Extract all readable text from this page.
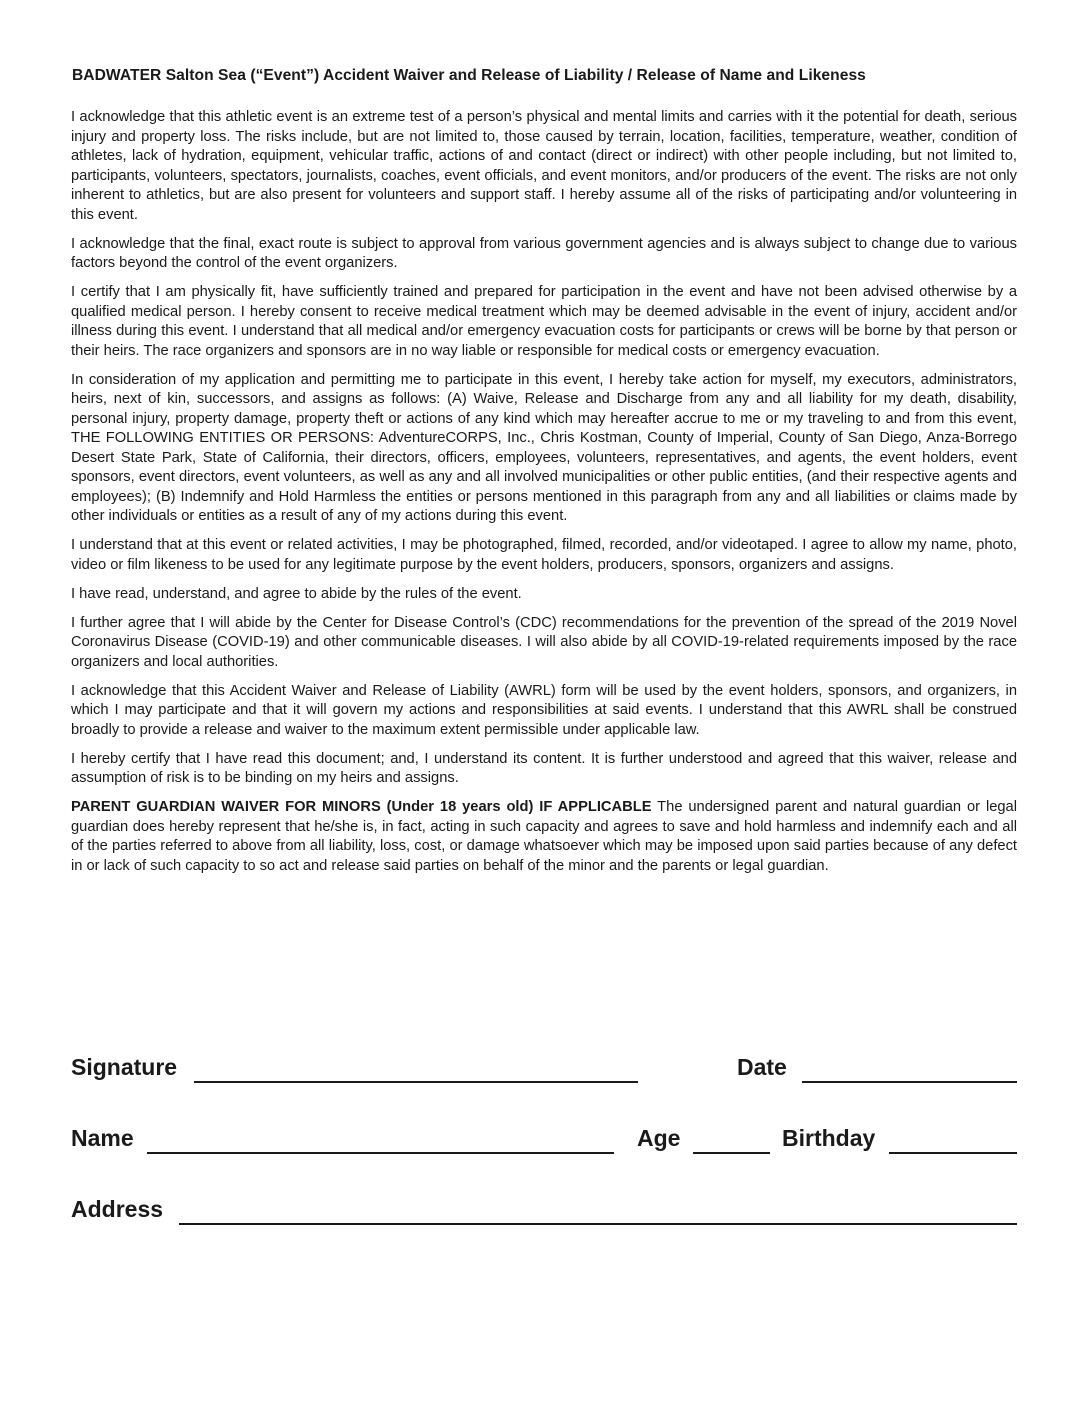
BADWATER Salton Sea (“Event”) Accident Waiver and Release of Liability / Release of Name and Likeness

I acknowledge that this athletic event is an extreme test of a person’s physical and mental limits and carries with it the potential for death, serious injury and property loss. The risks include, but are not limited to, those caused by terrain, location, facilities, temperature, weather, condition of athletes, lack of hydration, equipment, vehicular traffic, actions of and contact (direct or indirect) with other people including, but not limited to, participants, volunteers, spectators, journalists, coaches, event officials, and event monitors, and/or producers of the event. The risks are not only inherent to athletics, but are also present for volunteers and support staff. I hereby assume all of the risks of participating and/or volunteering in this event.

I acknowledge that the final, exact route is subject to approval from various government agencies and is always subject to change due to various factors beyond the control of the event organizers.

I certify that I am physically fit, have sufficiently trained and prepared for participation in the event and have not been advised otherwise by a qualified medical person. I hereby consent to receive medical treatment which may be deemed advisable in the event of injury, accident and/or illness during this event. I understand that all medical and/or emergency evacuation costs for participants or crews will be borne by that person or their heirs. The race organizers and sponsors are in no way liable or responsible for medical costs or emergency evacuation.

In consideration of my application and permitting me to participate in this event, I hereby take action for myself, my executors, administrators, heirs, next of kin, successors, and assigns as follows: (A) Waive, Release and Discharge from any and all liability for my death, disability, personal injury, property damage, property theft or actions of any kind which may hereafter accrue to me or my traveling to and from this event, THE FOLLOWING ENTITIES OR PERSONS: AdventureCORPS, Inc., Chris Kostman, County of Imperial, County of San Diego, Anza-Borrego Desert State Park, State of California, their directors, officers, employees, volunteers, representatives, and agents, the event holders, event sponsors, event directors, event volunteers, as well as any and all involved municipalities or other public entities, (and their respective agents and employees); (B) Indemnify and Hold Harmless the entities or persons mentioned in this paragraph from any and all liabilities or claims made by other individuals or entities as a result of any of my actions during this event.

I understand that at this event or related activities, I may be photographed, filmed, recorded, and/or videotaped. I agree to allow my name, photo, video or film likeness to be used for any legitimate purpose by the event holders, producers, sponsors, organizers and assigns.

I have read, understand, and agree to abide by the rules of the event.

I further agree that I will abide by the Center for Disease Control’s (CDC) recommendations for the prevention of the spread of the 2019 Novel Coronavirus Disease (COVID-19) and other communicable diseases. I will also abide by all COVID-19-related requirements imposed by the race organizers and local authorities.

I acknowledge that this Accident Waiver and Release of Liability (AWRL) form will be used by the event holders, sponsors, and organizers, in which I may participate and that it will govern my actions and responsibilities at said events. I understand that this AWRL shall be construed broadly to provide a release and waiver to the maximum extent permissible under applicable law.

I hereby certify that I have read this document; and, I understand its content. It is further understood and agreed that this waiver, release and assumption of risk is to be binding on my heirs and assigns.

PARENT GUARDIAN WAIVER FOR MINORS (Under 18 years old) IF APPLICABLE The undersigned parent and natural guardian or legal guardian does hereby represent that he/she is, in fact, acting in such capacity and agrees to save and hold harmless and indemnify each and all of the parties referred to above from all liability, loss, cost, or damage whatsoever which may be imposed upon said parties because of any defect in or lack of such capacity to so act and release said parties on behalf of the minor and the parents or legal guardian.

Signature	Date
Name	Age	Birthday
Address
